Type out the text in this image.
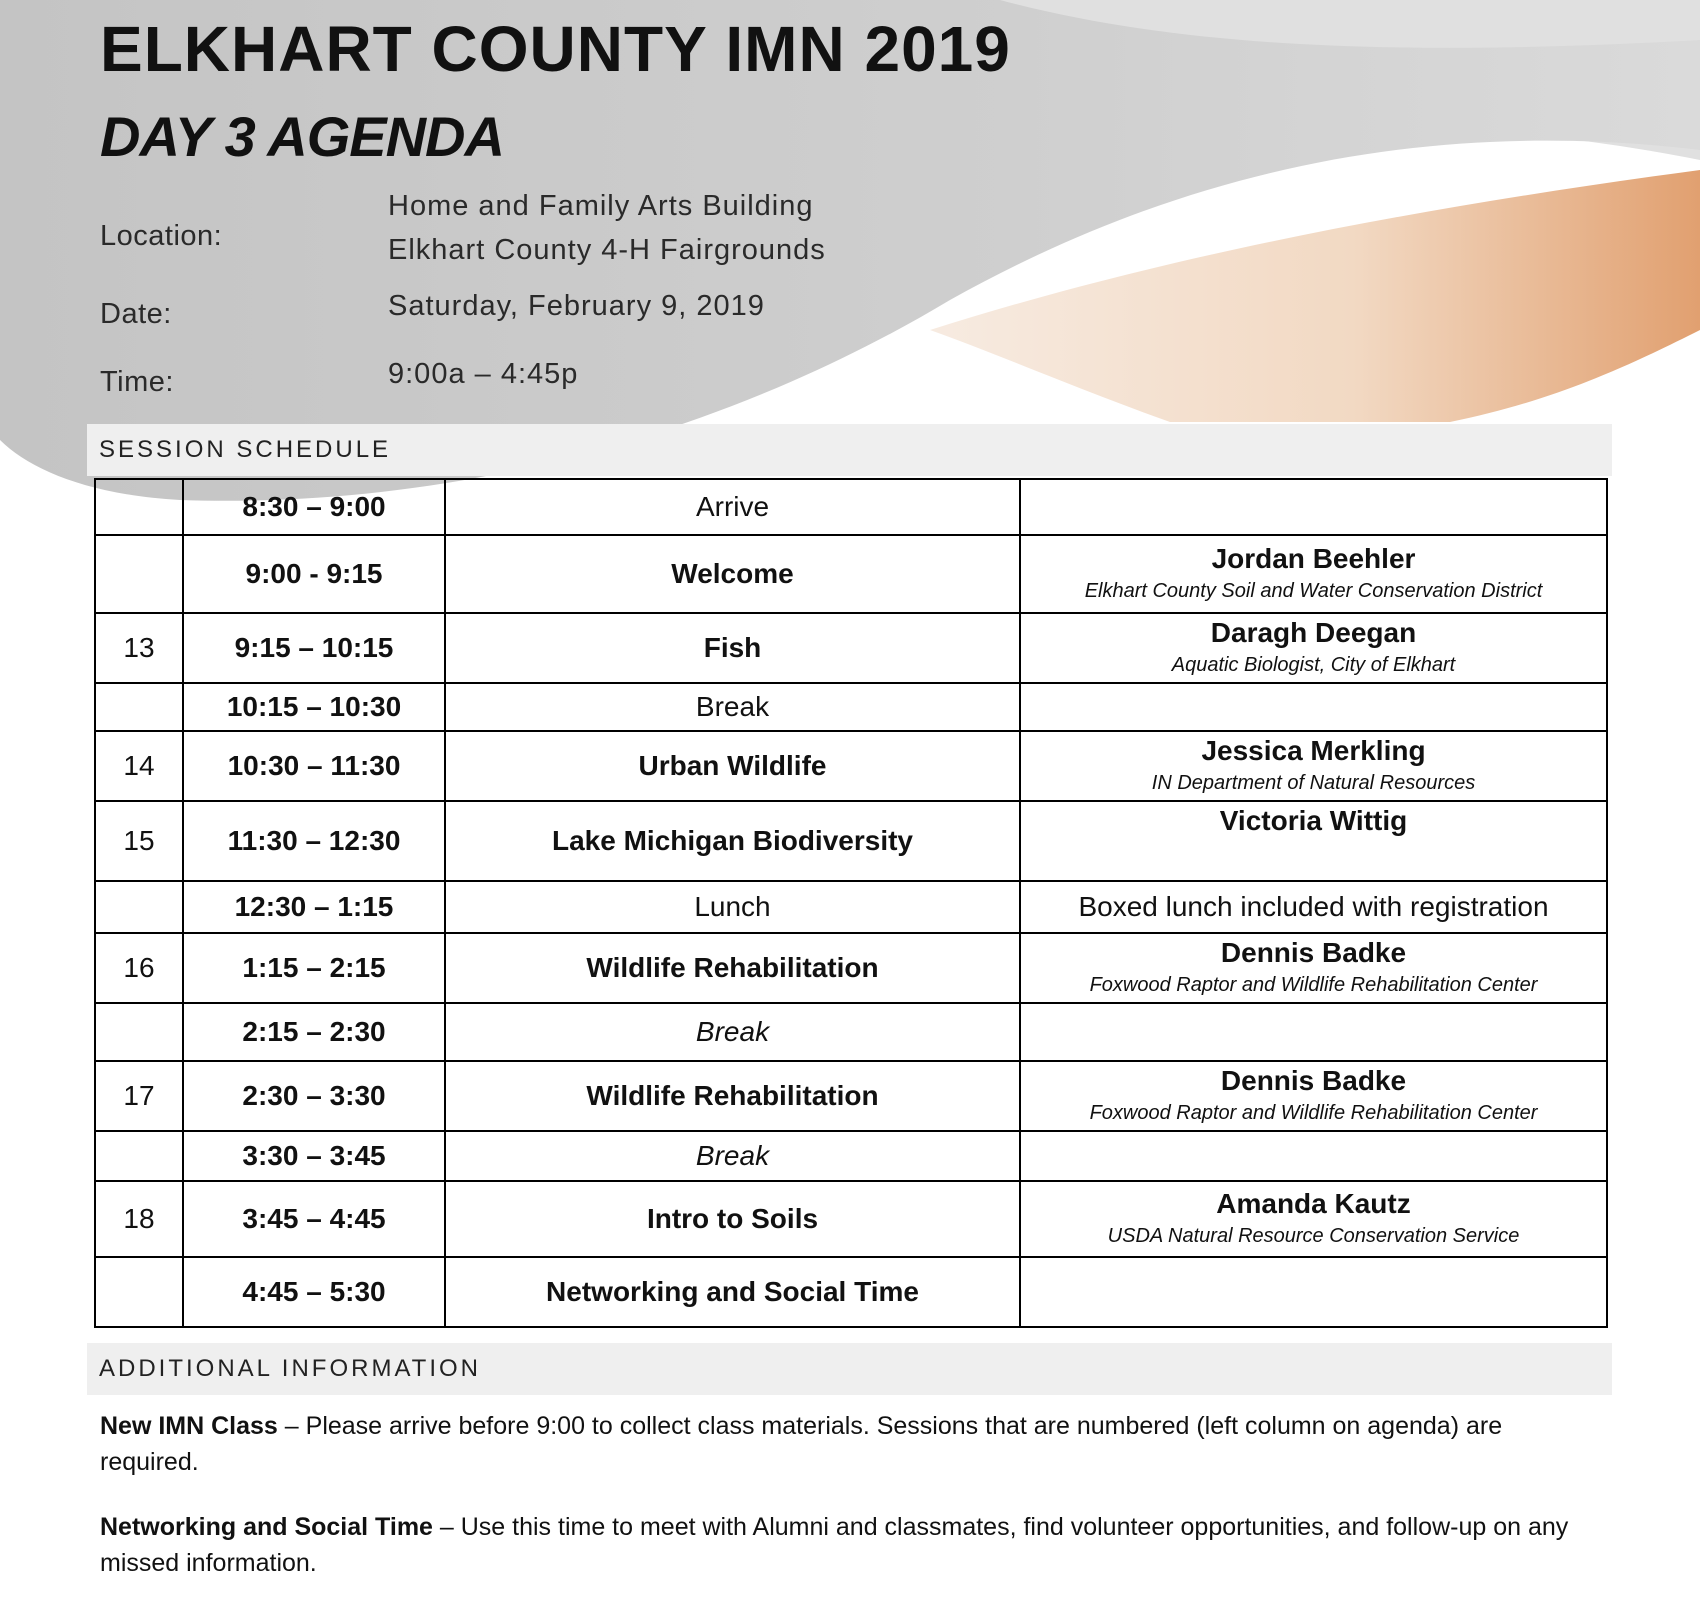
ELKHART COUNTY IMN 2019
DAY 3 AGENDA
Location:
Home and Family Arts Building
Elkhart County 4-H Fairgrounds
Date:	Saturday, February 9, 2019
Time:	9:00a – 4:45p
SESSION SCHEDULE
	8:30 – 9:00	Arrive	
	9:00 - 9:15	Welcome	Jordan Beehler
Elkhart County Soil and Water Conservation District

13	9:15 – 10:15	Fish	Daragh Deegan
Aquatic Biologist, City of Elkhart

	10:15 – 10:30	Break	
14	10:30 – 11:30	Urban Wildlife	Jessica Merkling
IN Department of Natural Resources

15	11:30 – 12:30	Lake Michigan Biodiversity	Victoria Wittig

	12:30 – 1:15	Lunch	Boxed lunch included with registration

16	1:15 – 2:15	Wildlife Rehabilitation	Dennis Badke
Foxwood Raptor and Wildlife Rehabilitation Center

	2:15 – 2:30	Break	
17	2:30 – 3:30	Wildlife Rehabilitation	Dennis Badke
Foxwood Raptor and Wildlife Rehabilitation Center

	3:30 – 3:45	Break	
18	3:45 – 4:45	Intro to Soils	Amanda Kautz
USDA Natural Resource Conservation Service

	4:45 – 5:30	Networking and Social Time	
ADDITIONAL INFORMATION

New IMN Class – Please arrive before 9:00 to collect class materials. Sessions that are numbered (left column on agenda) are required.

Networking and Social Time – Use this time to meet with Alumni and classmates, find volunteer opportunities, and follow-up on any missed information.
